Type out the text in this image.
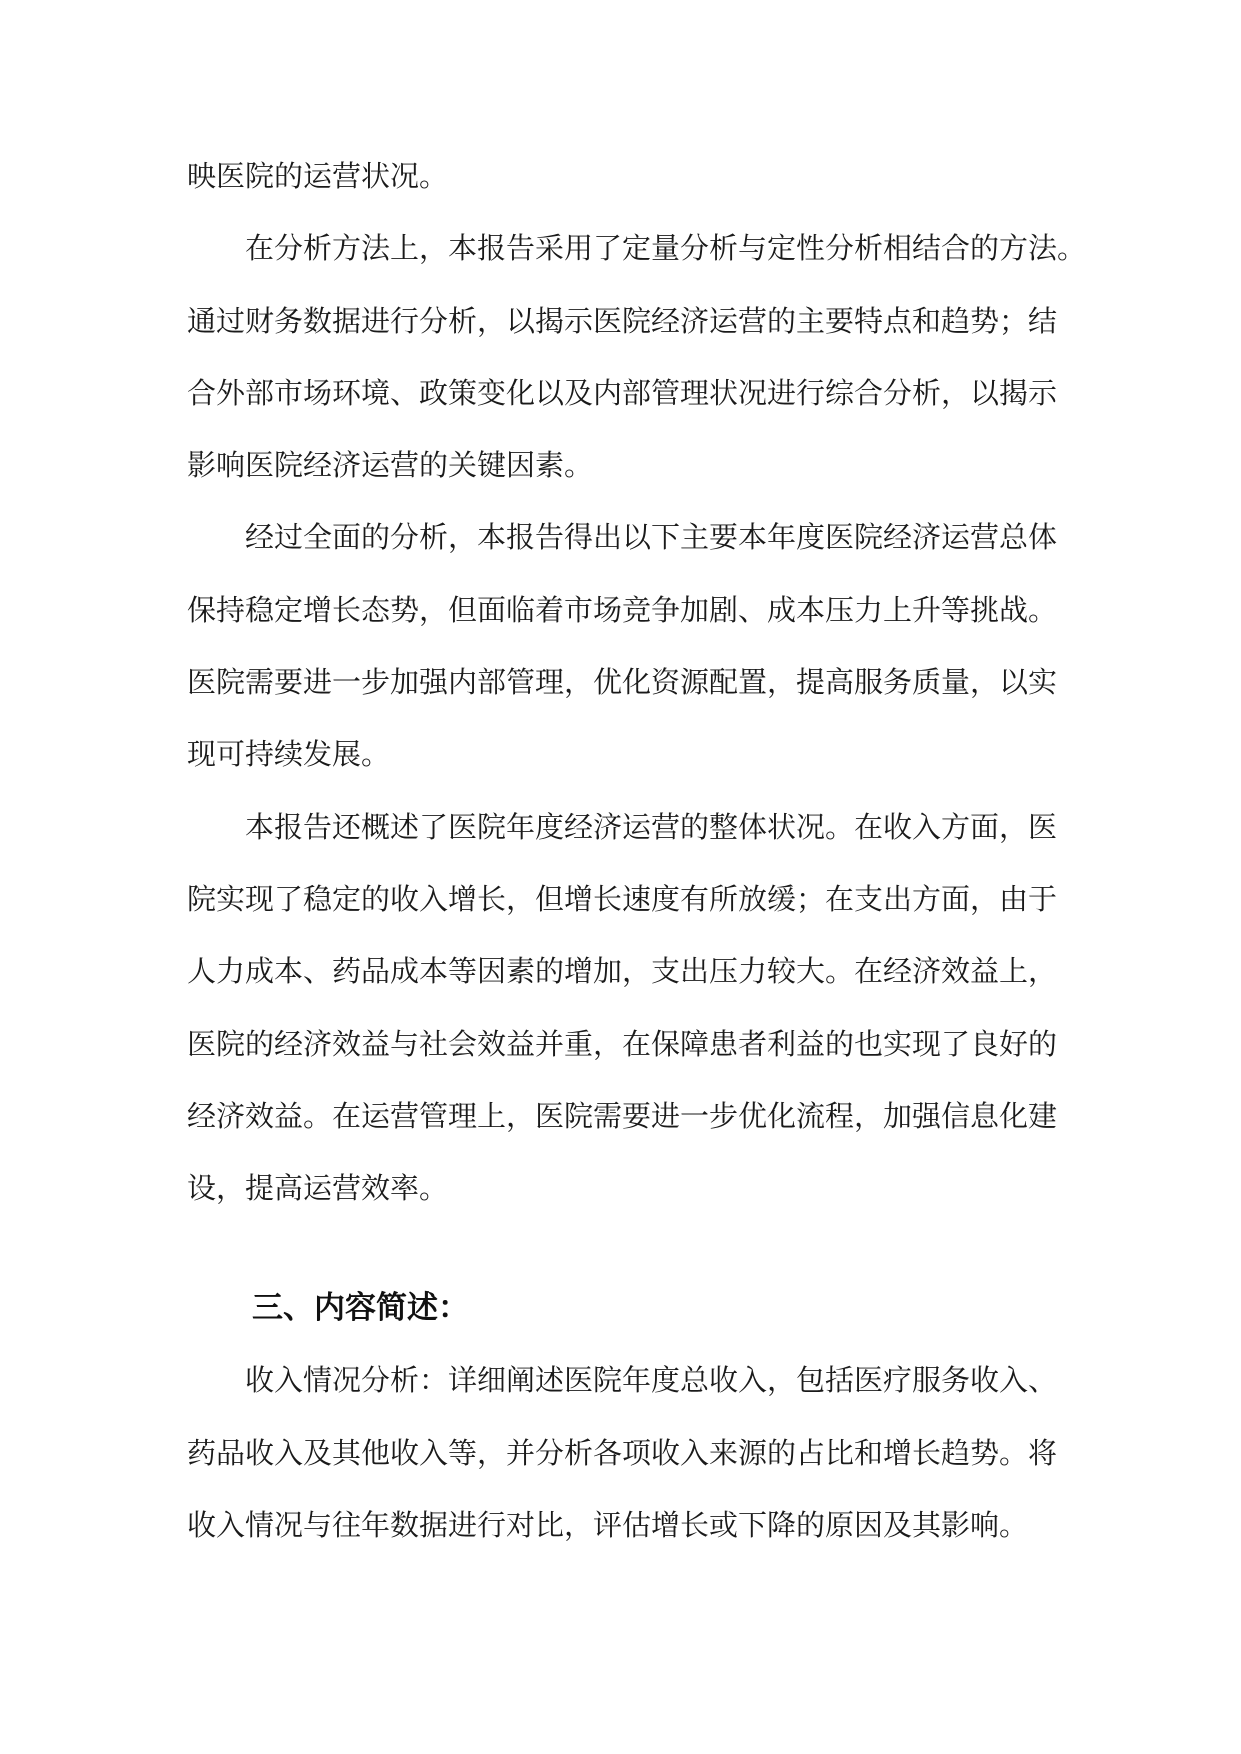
映医院的运营状况。

在分析方法上，本报告采用了定量分析与定性分析相结合的方法。
通过财务数据进行分析，以揭示医院经济运营的主要特点和趋势；结
合外部市场环境、政策变化以及内部管理状况进行综合分析，以揭示
影响医院经济运营的关键因素。

经过全面的分析，本报告得出以下主要本年度医院经济运营总体
保持稳定增长态势，但面临着市场竞争加剧、成本压力上升等挑战。
医院需要进一步加强内部管理，优化资源配置，提高服务质量，以实
现可持续发展。

本报告还概述了医院年度经济运营的整体状况。在收入方面，医
院实现了稳定的收入增长，但增长速度有所放缓；在支出方面，由于
人力成本、药品成本等因素的增加，支出压力较大。在经济效益上，
医院的经济效益与社会效益并重，在保障患者利益的也实现了良好的
经济效益。在运营管理上，医院需要进一步优化流程，加强信息化建
设，提高运营效率。

三、内容简述：

收入情况分析：详细阐述医院年度总收入，包括医疗服务收入、
药品收入及其他收入等，并分析各项收入来源的占比和增长趋势。将
收入情况与往年数据进行对比，评估增长或下降的原因及其影响。
